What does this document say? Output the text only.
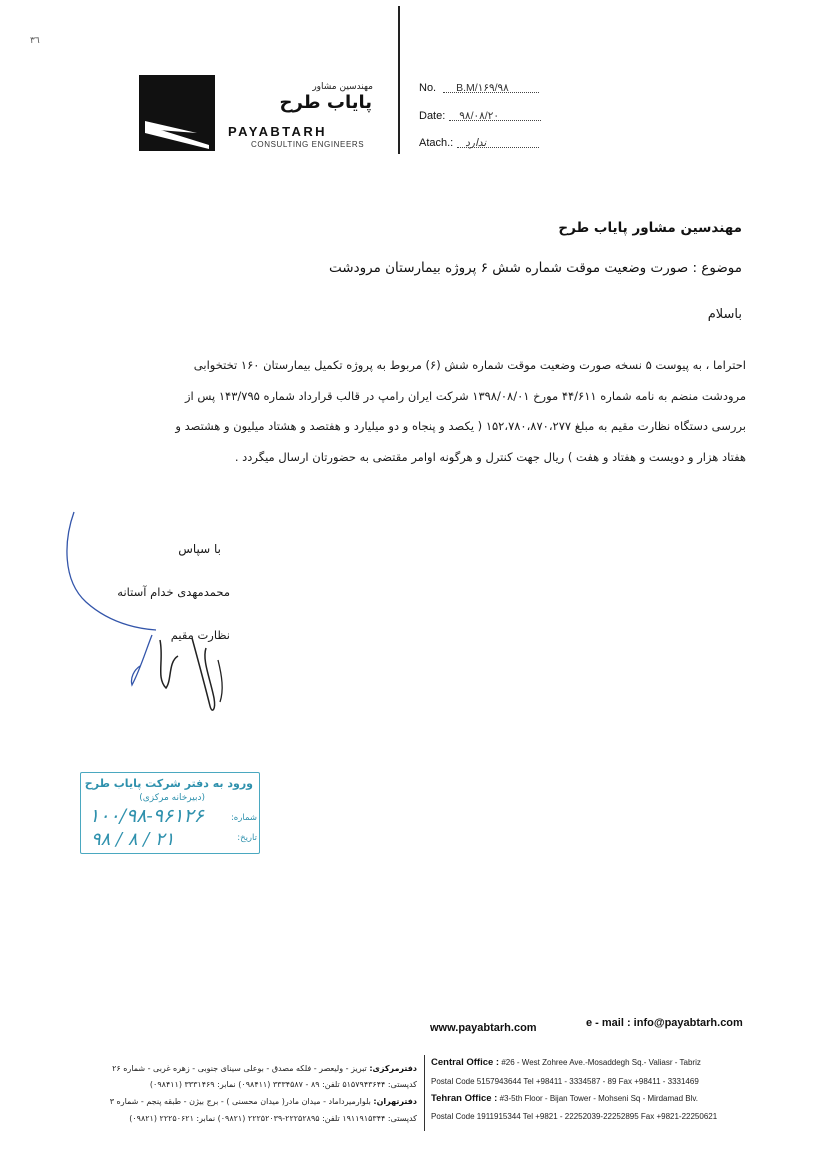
٣٦
مهندسین مشاور
پایاب طرح
PAYABTARH
CONSULTING ENGINEERS
No. B.M/۱۶۹/۹۸
Date: ۹۸/۰۸/۲۰
Atach.: ندارد
مهندسین مشاور پایاب طرح
موضوع : صورت وضعیت موقت شماره شش ۶ پروژه بیمارستان مرودشت
باسلام

احتراما ، به پیوست ۵ نسخه صورت وضعیت موقت شماره شش (۶) مربوط به پروژه تکمیل بیمارستان ۱۶۰ تختخوابی

مرودشت منضم به نامه شماره ۴۴/۶۱۱ مورخ ۱۳۹۸/۰۸/۰۱ شرکت ایران رامپ در قالب قرارداد شماره ۱۴۳/۷۹۵ پس از

بررسی دستگاه نظارت مقیم به مبلغ ۱۵۲،۷۸۰،۸۷۰،۲۷۷ ( یکصد و پنجاه و دو میلیارد و هفتصد و هشتاد میلیون و هشتصد و

هفتاد هزار و دویست و هفتاد و هفت ) ریال جهت کنترل و هرگونه اوامر مقتضی به حضورتان ارسال میگردد .

با سپاس
محمدمهدی خدام آستانه
نظارت مقیم
ورود به دفتر شرکت پایاب طرح
(دبیرخانه مرکزی)
شماره:
تاریخ:
۱۰۰/۹۸-۹۶۱۲۶
۹۸ / ۸ / ۲۱
www.payabtarh.com	e - mail : info@payabtarh.com
Central Office : #26 - West Zohree Ave.-Mosaddegh Sq.- Valiasr - Tabriz
Postal Code 5157943644 Tel +98411 - 3334587 - 89 Fax +98411 - 3331469
Tehran Office : #3-5th Floor - Bijan Tower - Mohseni Sq - Mirdamad Blv.
Postal Code 1911915344 Tel +9821 - 22252039-22252895 Fax +9821-22250621
دفترمرکزی: تبریز - ولیعصر - فلکه مصدق - بوعلی سینای جنوبی - زهره غربی - شماره ۲۶
کدپستی: ۵۱۵۷۹۴۳۶۴۴ تلفن: ۸۹ - ۳۳۳۴۵۸۷ (۰۹۸۴۱۱) نمابر: ۳۳۳۱۴۶۹ (۰۹۸۴۱۱)
دفترتهران: بلوارمیرداماد - میدان مادر( میدان محسنی ) - برج بیژن - طبقه پنجم - شماره ۳
کدپستی: ۱۹۱۱۹۱۵۳۴۴ تلفن: ۲۲۲۵۲۸۹۵-۲۲۲۵۲۰۳۹ (۰۹۸۲۱) نمابر: ۲۲۲۵۰۶۲۱ (۰۹۸۲۱)
